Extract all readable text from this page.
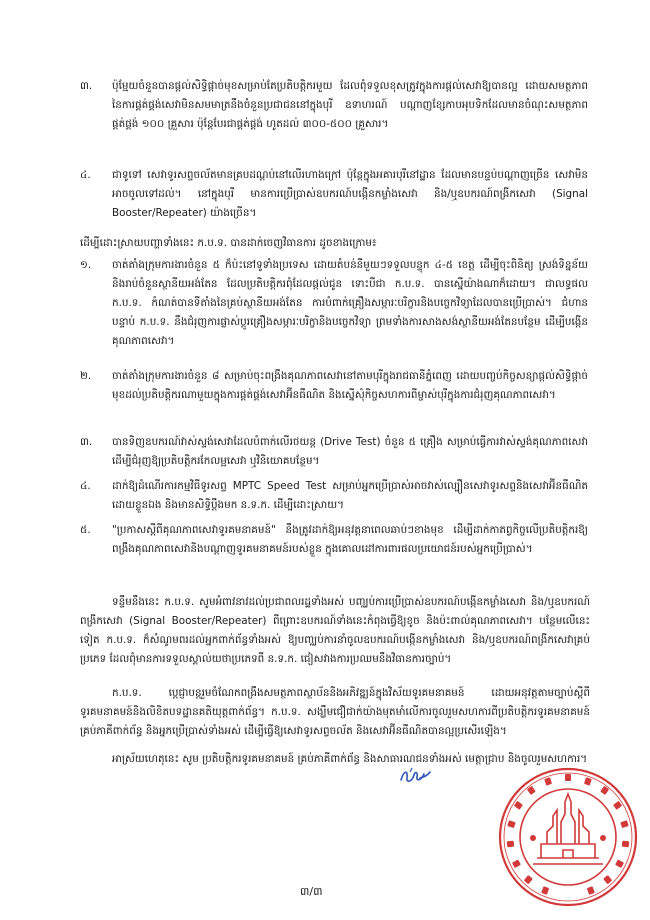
៣. ប៉ុម្មែយចំនួនបានផ្ដល់សិទ្ធិផ្តាច់មុខសម្រាប់តែប្រតិបត្តិករមួយ ដែលពុំទទួលខុសត្រូវក្នុងការផ្ដល់សេវាឱ្យបានល្អ ដោយសមត្ថភាពនៃការផ្គត់ផ្គង់សេវាមិនសមមាត្រនឹងចំនួនប្រជាជននៅក្នុងបុរី ឧទាហរណ៍ បណ្ដាញខ្សែកាបអុបទិកដែលមានចំណុះសមត្ថភាពផ្គត់ផ្គង់ ១០០ គ្រួសារ ប៉ុន្តែបែរជាផ្គត់ផ្គង់ ហូតដល់ ៣០០-៥០០ គ្រួសារ។

៤. ជាទូទៅ សេវាទូរសព្ទចល័តមានគ្របដណ្ដប់នៅលើរហាងក្រៅ ប៉ុន្តែក្នុងអគារបុរីនៅដ្ឋាន ដែលមានបន្ទប់បណ្ដាញច្រើន សេវាមិនអាចចូលទៅដល់។ នៅក្នុងបុរី មានការប្រើប្រាស់ឧបករណ៍បង្កើនកម្លាំងសេវា និង/ឬឧបករណ៍ពង្រីកសេវា (Signal Booster/Repeater) យ៉ាងច្រើន។

ដើម្បីដោះស្រាយបញ្ហាទាំងនេះ ក.ប.ទ. បានដាក់ចេញវិធានការ ដូចខាងក្រោម៖

១. ចាត់តាំងក្រុមការងារចំនួន ៥ ក៏ប៉ះនៅទូទាំងប្រទេស ដោយតំបន់នីមួយៗទទួលបន្ទុក ៤-៥ ខេត្ត ដើម្បីចុះពិនិត្យ ស្រង់ទិន្នន័យ និងរាប់ចំនួនស្ថានីយអង់តែន ដែលប្រតិបត្តិករពុំដែលផ្ដល់ជូន ទោះបីជា ក.ប.ទ. បានស្នើយ៉ាងណាក៏ដោយ។ ជាលទ្ធផល ក.ប.ទ. កំណត់បានទីតាំងនៃគ្រប់ស្ថានីយអង់តែន ការបំពាក់គ្រឿងសម្ភារៈបរិក្ខារនិងបច្ចេកវិទ្យាដែលបានប្រើប្រាស់។ ជំហានបន្ទាប់ ក.ប.ទ. នឹងជំរុញការផ្លាស់ប្ដូរគ្រឿងសម្ភារៈបរិក្ខានិងបច្ចេកវិទ្យា ព្រមទាំងការសាងសង់ស្ថានីយអង់តែនបន្ថែម ដើម្បីបង្កើនគុណភាពសេវា។

២. ចាត់តាំងក្រុមការងារចំនួន ៨ សម្រាប់ចុះពង្រឹងគុណភាពសេវានៅតាមបុរីក្នុងរាជធានីភ្នំពេញ ដោយបញ្ចប់កិច្ចសន្យាផ្តល់សិទ្ធិផ្តាច់មុខដល់ប្រតិបត្តិករណាមួយក្នុងការផ្គត់ផ្គង់សេវាអ៊ីនធឺណិត និងស្នើសុំកិច្ចសហការពីម្ចាស់បុរីក្នុងការជំរុញគុណភាពសេវា។

៣. បានទិញឧបករណ៍វាស់ស្ទង់សេវាដែលបំពាក់លើរថយន្ត (Drive Test) ចំនួន ៥ គ្រឿង សម្រាប់ធ្វើការវាស់ស្ទង់គុណភាពសេវា ដើម្បីជំរុញឱ្យប្រតិបត្តិករកែលម្អសេវា ឬវិនិយោគបន្ថែម។

៤. ដាក់ឱ្យដំណើរការកម្មវិធីទូរសព្ទ MPTC Speed Test សម្រាប់អ្នកប្រើប្រាស់អាចវាស់ល្បឿនសេវាទូរសព្ទនិងសេវាអ៊ីនធឺណិតដោយខ្លួនឯង និងមានសិទ្ធិប្ដឹងមក ន.ទ.ក. ដើម្បីដោះស្រាយ។

៥. "ប្រកាសស្ដីពីគុណភាពសេវាទូរគមនាគមន៍" នឹងត្រូវដាក់ឱ្យអនុវត្តនាពេលឆាប់ៗខាងមុខ ដើម្បីដាក់កាតព្វកិច្ចលើប្រតិបត្តិករឱ្យពង្រឹងគុណភាពសេវានិងបណ្ដាញទូរគមនាគមន៍របស់ខ្លួន ក្នុងគោលដៅការពារផលប្រយោជន៍របស់អ្នកប្រើប្រាស់។

ទន្ទឹមនឹងនេះ ក.ប.ទ. សូមអំពាវនាវដល់ប្រជាពលរដ្ឋទាំងអស់ បញ្ឈប់ការប្រើប្រាស់ឧបករណ៍បង្កើនកម្លាំងសេវា និង/ឬឧបករណ៍ពង្រីកសេវា (Signal Booster/Repeater) ពីព្រោះឧបករណ៍ទាំងនេះកំពុងធ្វើឱ្យខូច និងប៉ះពាល់គុណភាពសេវា។ បន្ថែមលើនេះទៀត ក.ប.ទ. ក៏សំណូមពរដល់អ្នកពាក់ព័ន្ធទាំងអស់ ឱ្យបញ្ឈប់ការនាំចូលឧបករណ៍បង្កើនកម្លាំងសេវា និង/ឬឧបករណ៍ពង្រីកសេវាគ្រប់ប្រភេទ ដែលពុំមានការទទួលស្គាល់យថាប្រភេទពី ន.ទ.ក. ជៀសវាងការប្រឈមនឹងវិធានការច្បាប់។

ក.ប.ទ. ប្ដេជ្ញាបន្តរួមចំណែកពង្រឹងសមត្ថភាពស្ថាប័ននិងអភិវឌ្ឍន៍ក្នុងវិស័យទូរគមនាគមន៍ ដោយអនុវត្តតាមច្បាប់ស្ដីពីទូរគមនាគមន៍និងលិខិតបទដ្ឋានគតិយុត្តពាក់ព័ន្ធ។ ក.ប.ទ. សង្ឃឹមជឿជាក់យ៉ាងមុតមាំលើការចូលរួមសហការពីប្រតិបត្តិករទូរគមនាគមន៍ គ្រប់ភាគីពាក់ព័ន្ធ និងអ្នកប្រើប្រាស់ទាំងអស់ ដើម្បីធ្វើឱ្យសេវាទូរសព្ទចល័ត និងសេវាអ៊ីនធឺណិតបានល្អប្រសើរឡើង។

អាស្រ័យហេតុនេះ សូម ប្រតិបត្តិករទូរគមនាគមន៍ គ្រប់ភាគីពាក់ព័ន្ធ និងសាធារណជនទាំងអស់ មេត្តាជ្រាប និងចូលរួមសហការ។

៣/៣
